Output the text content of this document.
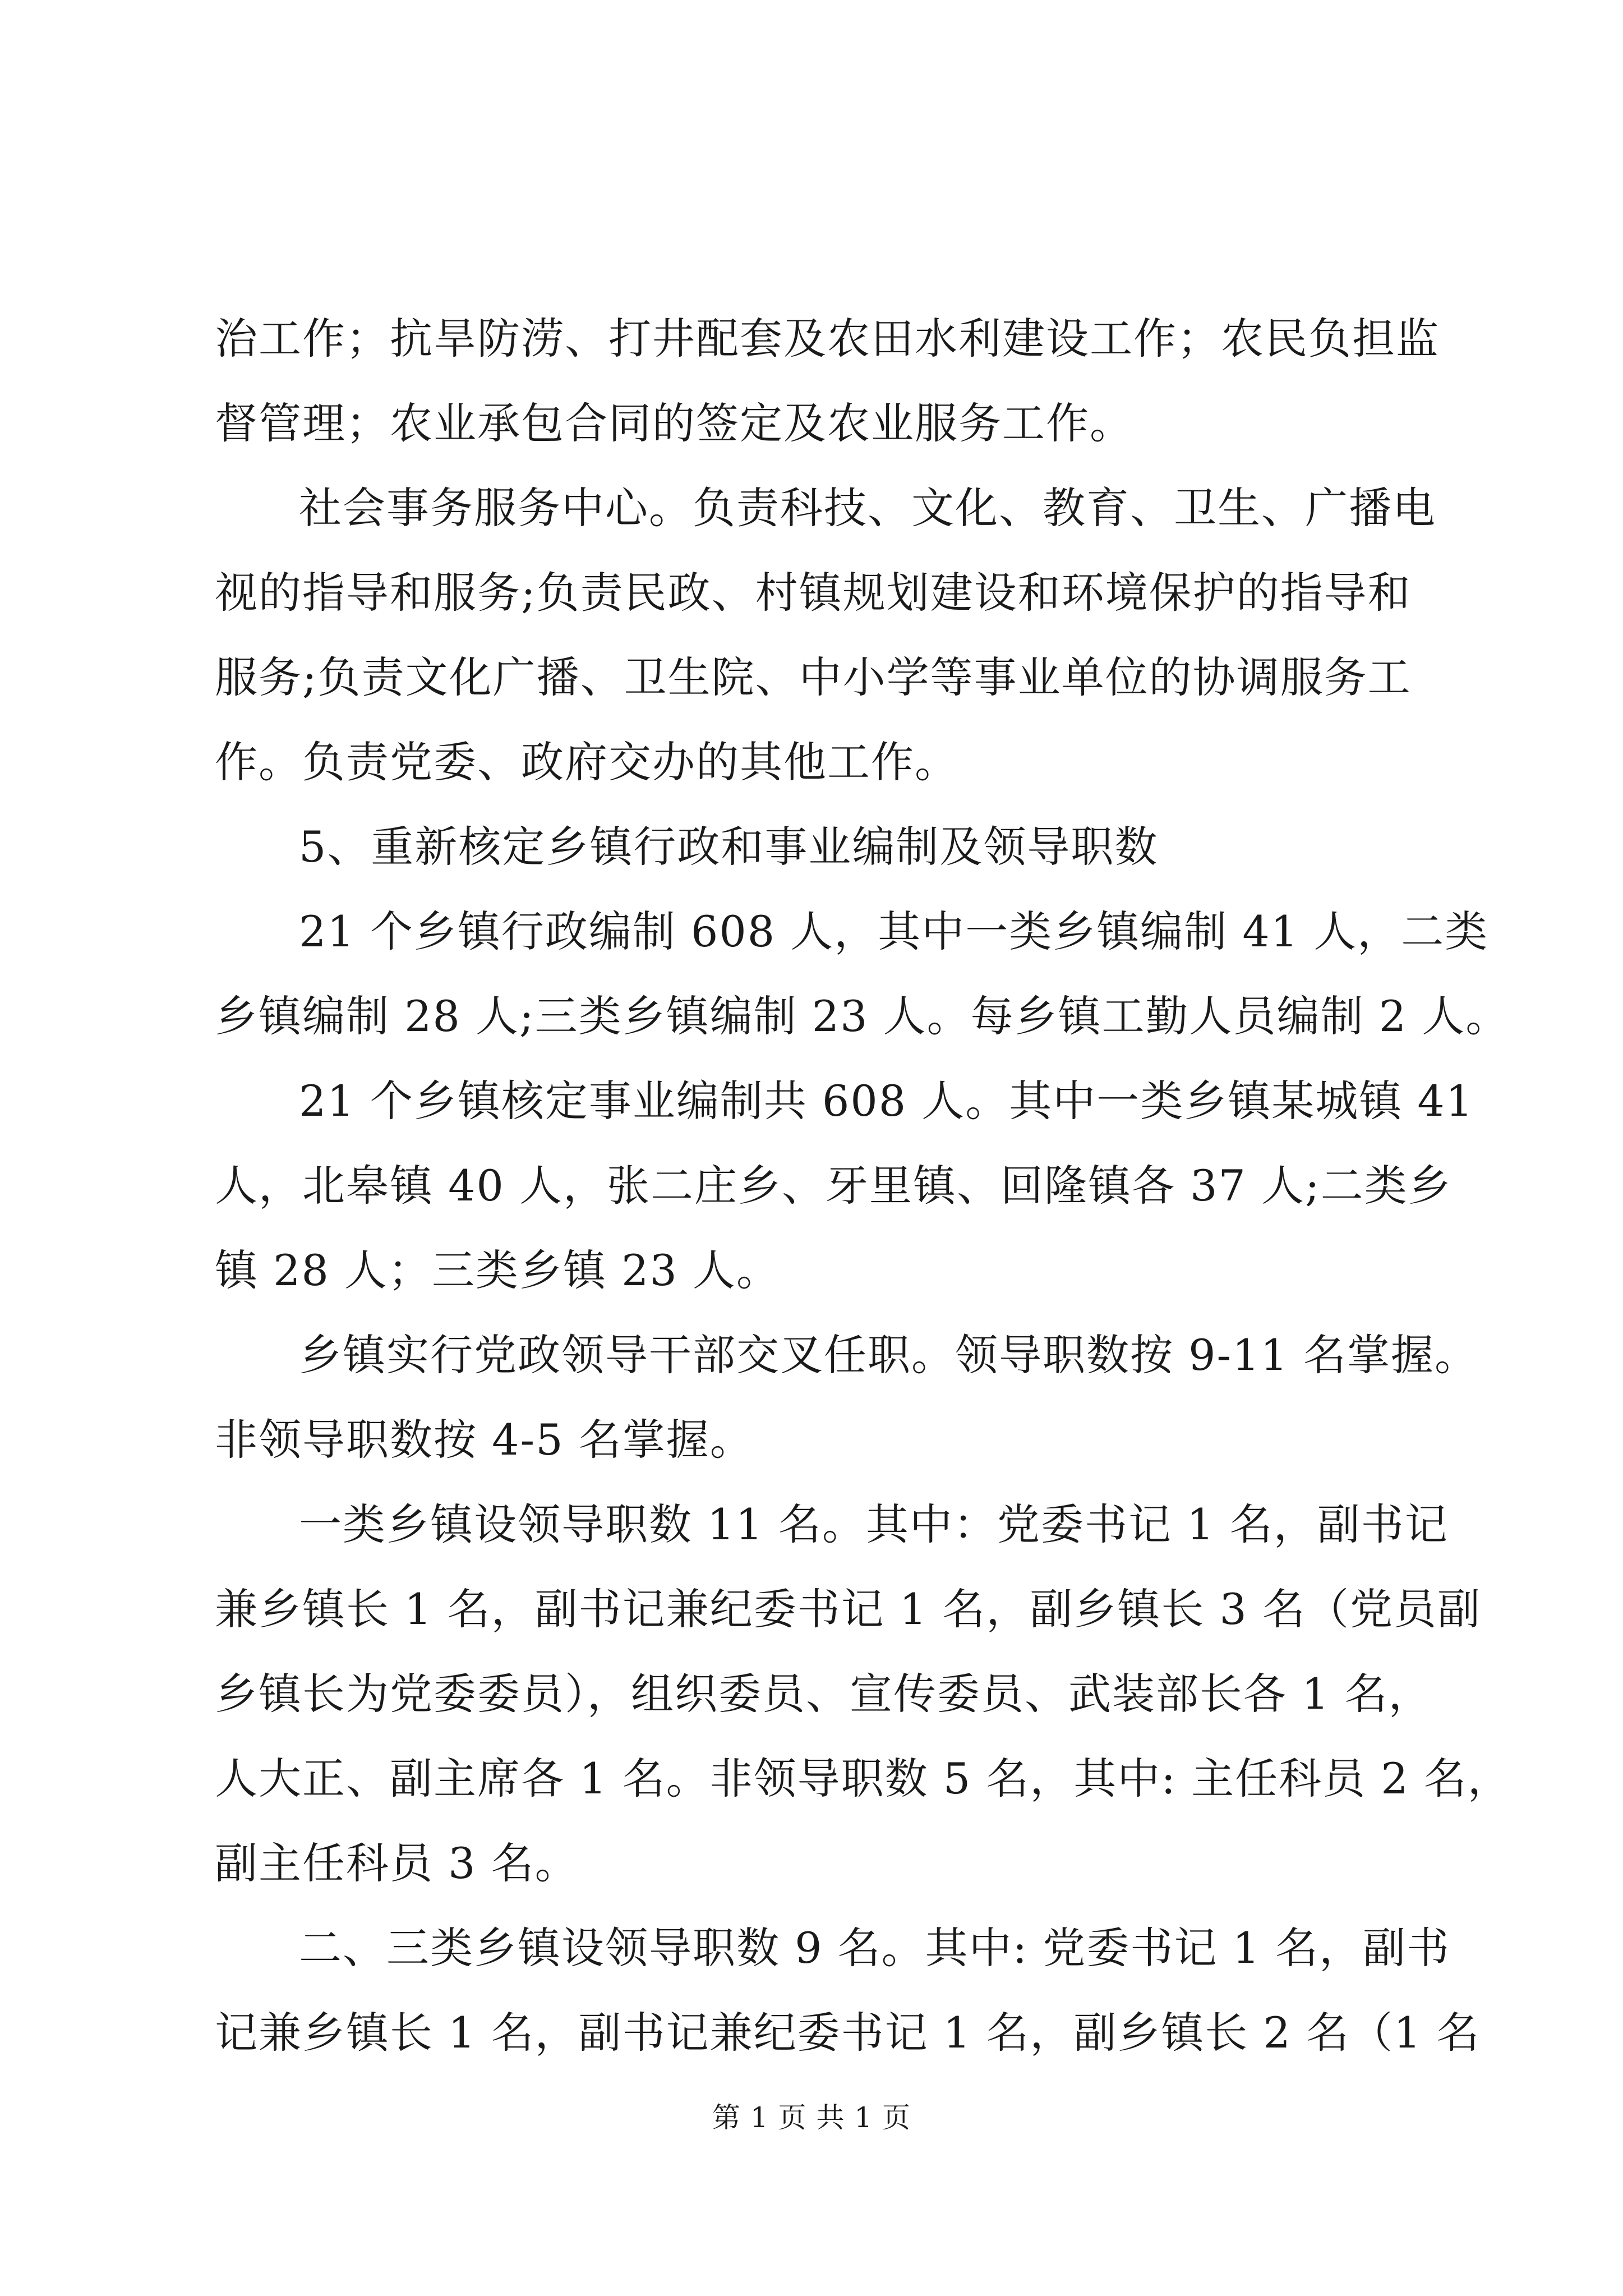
治工作；抗旱防涝、打井配套及农田水利建设工作；农民负担监
督管理；农业承包合同的签定及农业服务工作。
社会事务服务中心。负责科技、文化、教育、卫生、广播电
视的指导和服务;负责民政、村镇规划建设和环境保护的指导和
服务;负责文化广播、卫生院、中小学等事业单位的协调服务工
作。负责党委、政府交办的其他工作。
5、重新核定乡镇行政和事业编制及领导职数
21 个乡镇行政编制 608 人，其中一类乡镇编制 41 人，二类
乡镇编制 28 人;三类乡镇编制 23 人。每乡镇工勤人员编制 2 人。
21 个乡镇核定事业编制共 608 人。其中一类乡镇某城镇 41
人，北皋镇 40 人，张二庄乡、牙里镇、回隆镇各 37 人;二类乡
镇 28 人；三类乡镇 23 人。
乡镇实行党政领导干部交叉任职。领导职数按 9-11 名掌握。
非领导职数按 4-5 名掌握。
一类乡镇设领导职数 11 名。其中：党委书记 1 名，副书记
兼乡镇长 1 名，副书记兼纪委书记 1 名，副乡镇长 3 名（党员副
乡镇长为党委委员），组织委员、宣传委员、武装部长各 1 名，
人大正、副主席各 1 名。非领导职数 5 名，其中: 主任科员 2 名，
副主任科员 3 名。
二、三类乡镇设领导职数 9 名。其中: 党委书记 1 名，副书
记兼乡镇长 1 名，副书记兼纪委书记 1 名，副乡镇长 2 名（1 名
第 1 页 共 1 页
